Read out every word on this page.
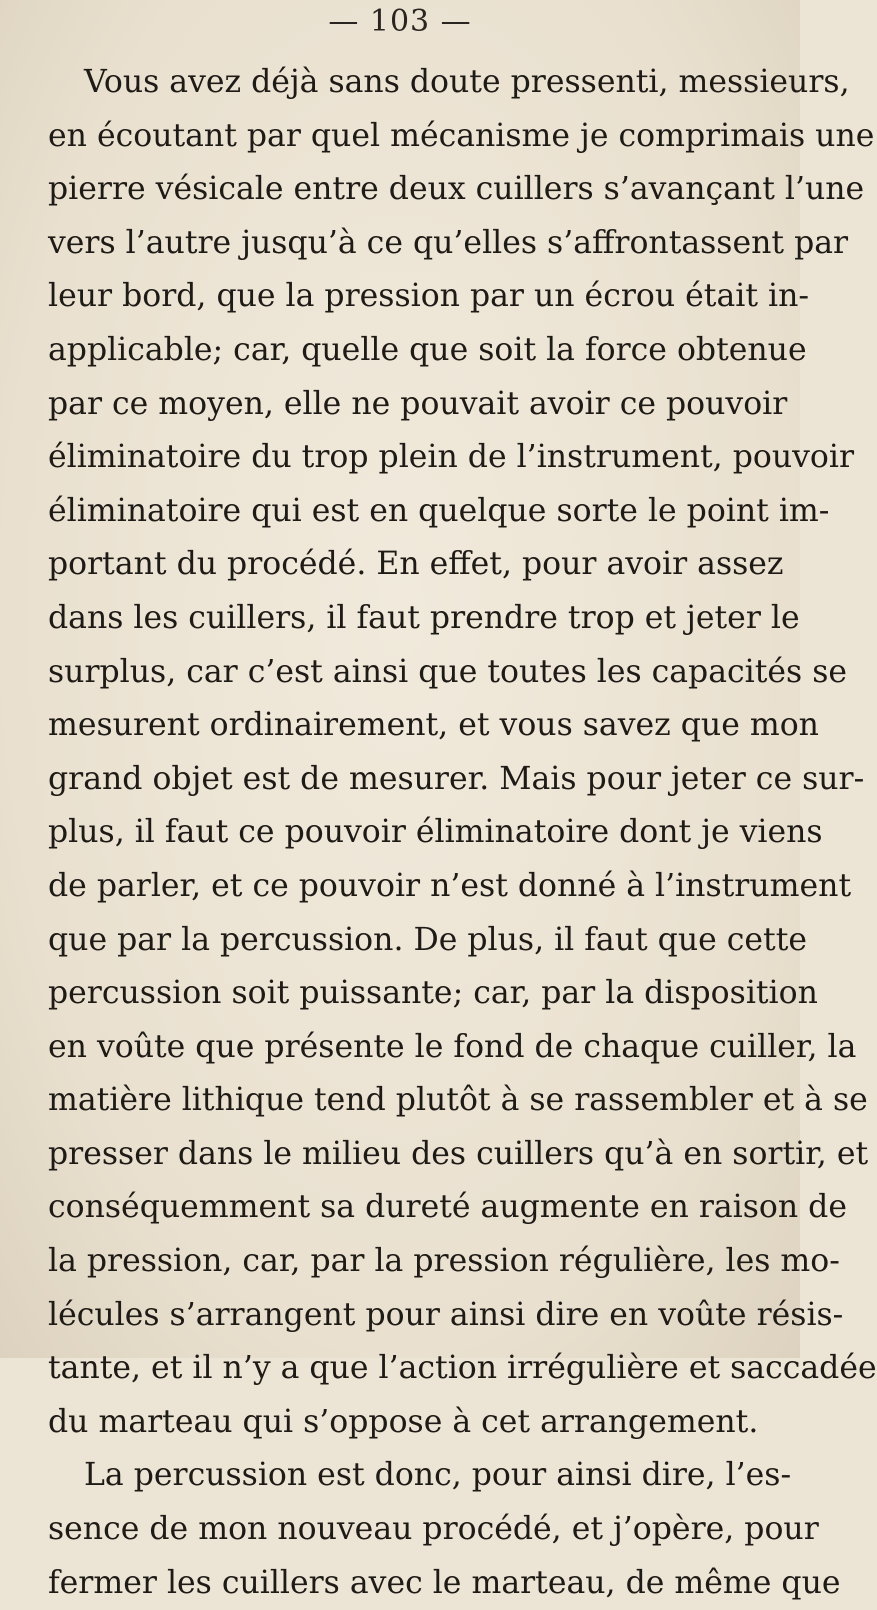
— 103 —
Vous avez déjà sans doute pressenti, messieurs,
en écoutant par quel mécanisme je comprimais une
pierre vésicale entre deux cuillers s’avançant l’une
vers l’autre jusqu’à ce qu’elles s’affrontassent par
leur bord, que la pression par un écrou était in-
applicable; car, quelle que soit la force obtenue
par ce moyen, elle ne pouvait avoir ce pouvoir
éliminatoire du trop plein de l’instrument, pouvoir
éliminatoire qui est en quelque sorte le point im-
portant du procédé. En effet, pour avoir assez
dans les cuillers, il faut prendre trop et jeter le
surplus, car c’est ainsi que toutes les capacités se
mesurent ordinairement, et vous savez que mon
grand objet est de mesurer. Mais pour jeter ce sur-
plus, il faut ce pouvoir éliminatoire dont je viens
de parler, et ce pouvoir n’est donné à l’instrument
que par la percussion. De plus, il faut que cette
percussion soit puissante; car, par la disposition
en voûte que présente le fond de chaque cuiller, la
matière lithique tend plutôt à se rassembler et à se
presser dans le milieu des cuillers qu’à en sortir, et
conséquemment sa dureté augmente en raison de
la pression, car, par la pression régulière, les mo-
lécules s’arrangent pour ainsi dire en voûte résis-
tante, et il n’y a que l’action irrégulière et saccadée
du marteau qui s’oppose à cet arrangement.
La percussion est donc, pour ainsi dire, l’es-
sence de mon nouveau procédé, et j’opère, pour
fermer les cuillers avec le marteau, de même que
